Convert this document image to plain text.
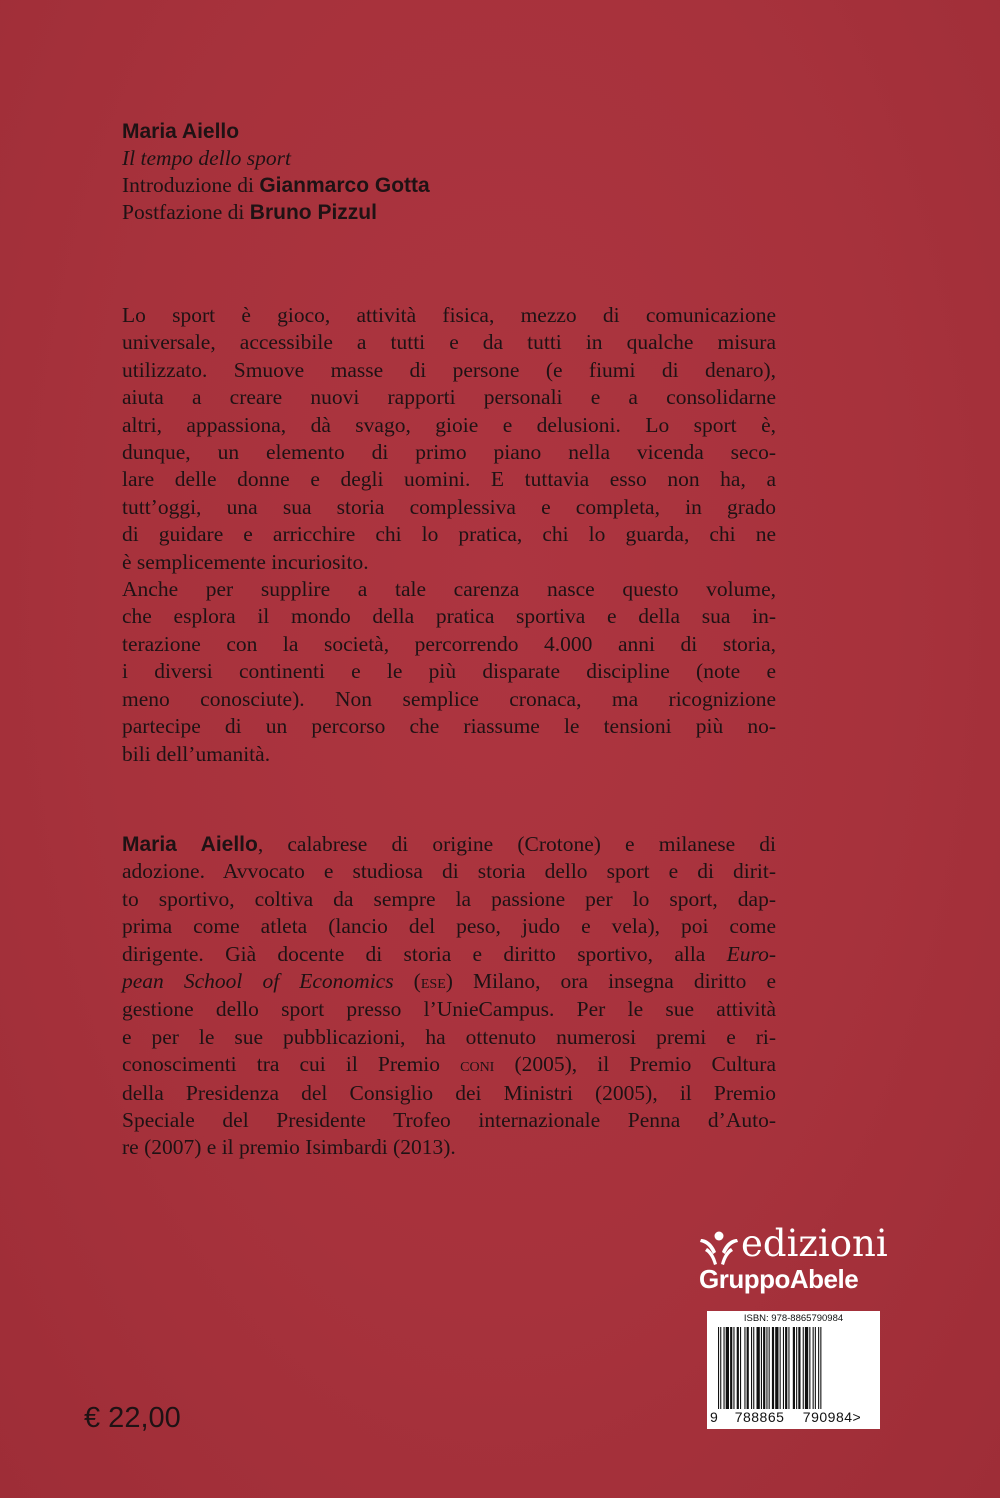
Maria Aiello
Il tempo dello sport
Introduzione di Gianmarco Gotta
Postfazione di Bruno Pizzul

Lo sport è gioco, attività fisica, mezzo di comunicazione
universale, accessibile a tutti e da tutti in qualche misura
utilizzato. Smuove masse di persone (e fiumi di denaro),
aiuta a creare nuovi rapporti personali e a consolidarne
altri, appassiona, dà svago, gioie e delusioni. Lo sport è,
dunque, un elemento di primo piano nella vicenda seco-
lare delle donne e degli uomini. E tuttavia esso non ha, a
tutt’oggi, una sua storia complessiva e completa, in grado
di guidare e arricchire chi lo pratica, chi lo guarda, chi ne
è semplicemente incuriosito.

Anche per supplire a tale carenza nasce questo volume,
che esplora il mondo della pratica sportiva e della sua in-
terazione con la società, percorrendo 4.000 anni di storia,
i diversi continenti e le più disparate discipline (note e
meno conosciute). Non semplice cronaca, ma ricognizione
partecipe di un percorso che riassume le tensioni più no-
bili dell’umanità.

Maria Aiello, calabrese di origine (Crotone) e milanese di
adozione. Avvocato e studiosa di storia dello sport e di dirit-
to sportivo, coltiva da sempre la passione per lo sport, dap-
prima come atleta (lancio del peso, judo e vela), poi come
dirigente. Già docente di storia e diritto sportivo, alla Euro-
pean School of Economics (ese) Milano, ora insegna diritto e
gestione dello sport presso l’UnieCampus. Per le sue attività
e per le sue pubblicazioni, ha ottenuto numerosi premi e ri-
conoscimenti tra cui il Premio coni (2005), il Premio Cultura
della Presidenza del Consiglio dei Ministri (2005), il Premio
Speciale del Presidente Trofeo internazionale Penna d’Auto-
re (2007) e il premio Isimbardi (2013).

edizioni
GruppoAbele
ISBN: 978-8865790984
9 788865 790984>
€ 22,00
